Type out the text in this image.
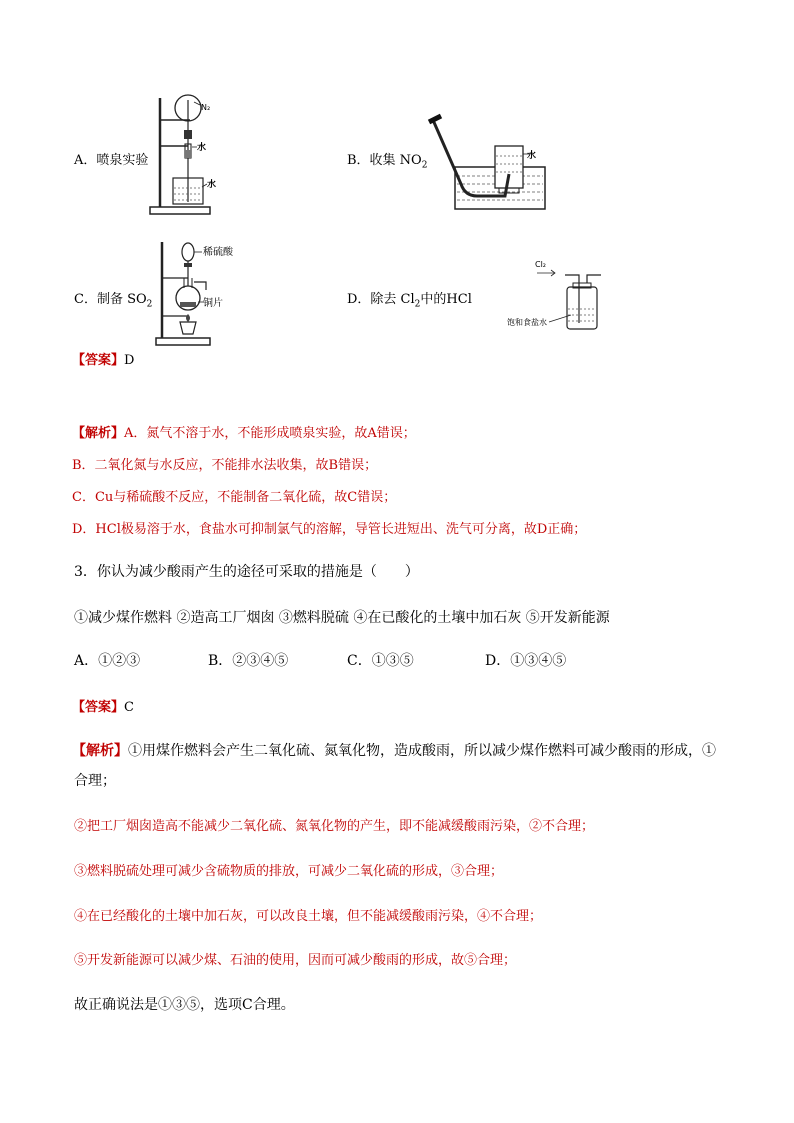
N₂
水
水
A．喷泉实验	水
B．收集 $NO_2$
稀硫酸
铜片
C．制备 $SO_2$
Cl₂
饱和食盐水
D．除去 $Cl_2$中的HCl
【答案】D
【解析】A．氮气不溶于水，不能形成喷泉实验，故A错误；
B．二氧化氮与水反应，不能排水法收集，故B错误；
C．Cu与稀硫酸不反应，不能制备二氧化硫，故C错误；
D．HCl极易溶于水，食盐水可抑制氯气的溶解，导管长进短出、洗气可分离，故D正确；
3．你认为减少酸雨产生的途径可采取的措施是（　　）
①减少煤作燃料 ②造高工厂烟囱 ③燃料脱硫 ④在已酸化的土壤中加石灰 ⑤开发新能源
A．①②③	B．②③④⑤	C．①③⑤	D．①③④⑤
【答案】C
【解析】①用煤作燃料会产生二氧化硫、氮氧化物，造成酸雨，所以减少煤作燃料可减少酸雨的形成，①
合理；
②把工厂烟囱造高不能减少二氧化硫、氮氧化物的产生，即不能减缓酸雨污染，②不合理；
③燃料脱硫处理可减少含硫物质的排放，可减少二氧化硫的形成，③合理；
④在已经酸化的土壤中加石灰，可以改良土壤，但不能减缓酸雨污染，④不合理；
⑤开发新能源可以减少煤、石油的使用，因而可减少酸雨的形成，故⑤合理；
故正确说法是①③⑤，选项C合理。
